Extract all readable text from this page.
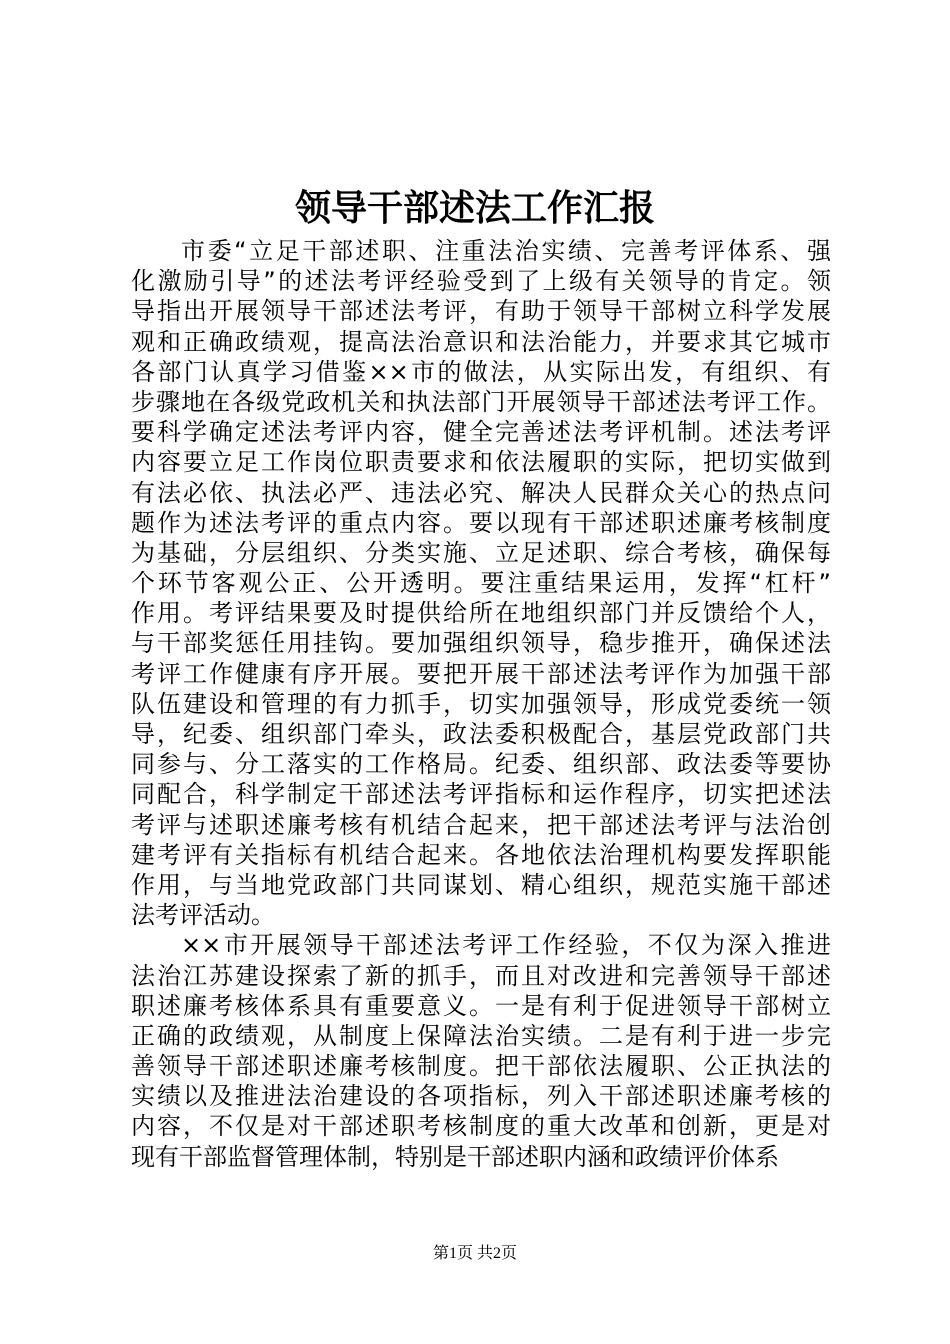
领导干部述法工作汇报
市委“立足干部述职、注重法治实绩、完善考评体系、强
化激励引导”的述法考评经验受到了上级有关领导的肯定。领
导指出开展领导干部述法考评，有助于领导干部树立科学发展
观和正确政绩观，提高法治意识和法治能力，并要求其它城市
各部门认真学习借鉴××市的做法，从实际出发，有组织、有
步骤地在各级党政机关和执法部门开展领导干部述法考评工作。
要科学确定述法考评内容，健全完善述法考评机制。述法考评
内容要立足工作岗位职责要求和依法履职的实际，把切实做到
有法必依、执法必严、违法必究、解决人民群众关心的热点问
题作为述法考评的重点内容。要以现有干部述职述廉考核制度
为基础，分层组织、分类实施、立足述职、综合考核，确保每
个环节客观公正、公开透明。要注重结果运用，发挥“杠杆”
作用。考评结果要及时提供给所在地组织部门并反馈给个人，
与干部奖惩任用挂钩。要加强组织领导，稳步推开，确保述法
考评工作健康有序开展。要把开展干部述法考评作为加强干部
队伍建设和管理的有力抓手，切实加强领导，形成党委统一领
导，纪委、组织部门牵头，政法委积极配合，基层党政部门共
同参与、分工落实的工作格局。纪委、组织部、政法委等要协
同配合，科学制定干部述法考评指标和运作程序，切实把述法
考评与述职述廉考核有机结合起来，把干部述法考评与法治创
建考评有关指标有机结合起来。各地依法治理机构要发挥职能
作用，与当地党政部门共同谋划、精心组织，规范实施干部述
法考评活动。
××市开展领导干部述法考评工作经验，不仅为深入推进
法治江苏建设探索了新的抓手，而且对改进和完善领导干部述
职述廉考核体系具有重要意义。一是有利于促进领导干部树立
正确的政绩观，从制度上保障法治实绩。二是有利于进一步完
善领导干部述职述廉考核制度。把干部依法履职、公正执法的
实绩以及推进法治建设的各项指标，列入干部述职述廉考核的
内容，不仅是对干部述职考核制度的重大改革和创新，更是对
现有干部监督管理体制，特别是干部述职内涵和政绩评价体系
第1页 共2页
